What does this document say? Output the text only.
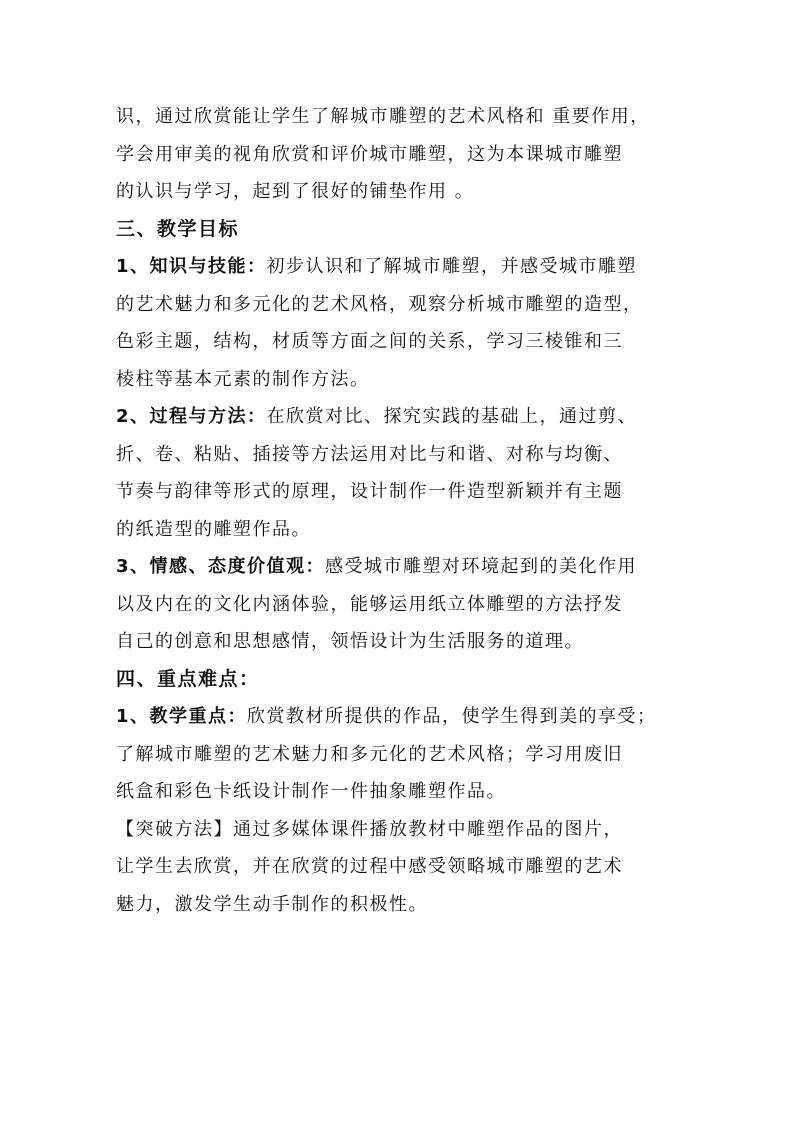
识，通过欣赏能让学生了解城市雕塑的艺术风格和 重要作用，
学会用审美的视角欣赏和评价城市雕塑，这为本课城市雕塑
的认识与学习，起到了很好的铺垫作用 。
三、教学目标
1、知识与技能：初步认识和了解城市雕塑，并感受城市雕塑
的艺术魅力和多元化的艺术风格，观察分析城市雕塑的造型，
色彩主题，结构，材质等方面之间的关系，学习三棱锥和三
棱柱等基本元素的制作方法。
2、过程与方法：在欣赏对比、探究实践的基础上，通过剪、
折、卷、粘贴、插接等方法运用对比与和谐、对称与均衡、
节奏与韵律等形式的原理，设计制作一件造型新颖并有主题
的纸造型的雕塑作品。
3、情感、态度价值观：感受城市雕塑对环境起到的美化作用
以及内在的文化内涵体验，能够运用纸立体雕塑的方法抒发
自己的创意和思想感情，领悟设计为生活服务的道理。
四、重点难点：
1、教学重点：欣赏教材所提供的作品，使学生得到美的享受；
了解城市雕塑的艺术魅力和多元化的艺术风格；学习用废旧
纸盒和彩色卡纸设计制作一件抽象雕塑作品。
【突破方法】通过多媒体课件播放教材中雕塑作品的图片，
让学生去欣赏，并在欣赏的过程中感受领略城市雕塑的艺术
魅力，激发学生动手制作的积极性。
